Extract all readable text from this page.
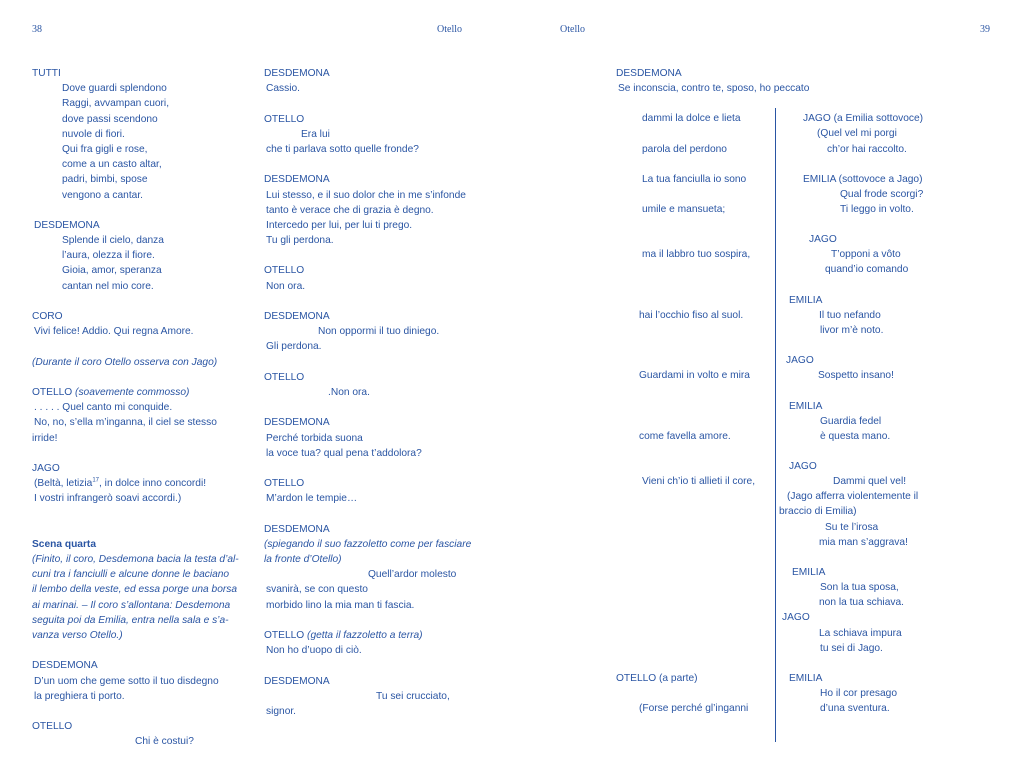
38	Otello	Otello	39
TUTTI
Dove guardi splendono
Raggi, avvampan cuori,
dove passi scendono
nuvole di fiori.
Qui fra gigli e rose,
come a un casto altar,
padri, bimbi, spose
vengono a cantar.
DESDEMONA
Splende il cielo, danza
l’aura, olezza il fiore.
Gioia, amor, speranza
cantan nel mio core.
CORO
Vivi felice! Addio. Qui regna Amore.
(Durante il coro Otello osserva con Jago)
OTELLO (soavemente commosso)
. . . . . Quel canto mi conquide.
No, no, s’ella m’inganna, il ciel se stesso
irride!
JAGO
(Beltà, letizia$^{17}$, in dolce inno concordi!
I vostri infrangerò soavi accordi.)
Scena quarta
(Finito, il coro, Desdemona bacia la testa d’al-
cuni tra i fanciulli e alcune donne le baciano
il lembo della veste, ed essa porge una borsa
ai marinai. – Il coro s’allontana: Desdemona
seguita poi da Emilia, entra nella sala e s’a-
vanza verso Otello.)
DESDEMONA
D’un uom che geme sotto il tuo disdegno
la preghiera ti porto.
OTELLO
Chi è costui?
DESDEMONA
Cassio.
OTELLO
Era lui
che ti parlava sotto quelle fronde?
DESDEMONA
Lui stesso, e il suo dolor che in me s’infonde
tanto è verace che di grazia è degno.
Intercedo per lui, per lui ti prego.
Tu gli perdona.
OTELLO
Non ora.
DESDEMONA
Non oppormi il tuo diniego.
Gli perdona.
OTELLO
.Non ora.
DESDEMONA
Perché torbida suona
la voce tua? qual pena t’addolora?
OTELLO
M’ardon le tempie…
DESDEMONA
(spiegando il suo fazzoletto come per fasciare
la fronte d’Otello)
Quell’ardor molesto
svanirà, se con questo
morbido lino la mia man ti fascia.
OTELLO (getta il fazzoletto a terra)
Non ho d’uopo di ciò.
DESDEMONA
Tu sei crucciato,
signor.
DESDEMONA
Se inconscia, contro te, sposo, ho peccato
dammi la dolce e lieta
parola del perdono
La tua fanciulla io sono
umile e mansueta;
ma il labbro tuo sospira,
hai l’occhio fiso al suol.
Guardami in volto e mira
come favella amore.
Vieni ch’io ti allieti il core,
OTELLO (a parte)
(Forse perché gl’inganni
JAGO (a Emilia sottovoce)
(Quel vel mi porgi
ch’or hai raccolto.
EMILIA (sottovoce a Jago)
Qual frode scorgi?
Ti leggo in volto.
JAGO
T’opponi a vôto
quand’io comando
EMILIA
Il tuo nefando
livor m’è noto.
JAGO
Sospetto insano!
EMILIA
Guardia fedel
è questa mano.
JAGO
Dammi quel vel!
(Jago afferra violentemente il
braccio di Emilia)
Su te l’irosa
mia man s’aggrava!
EMILIA
Son la tua sposa,
non la tua schiava.
JAGO
La schiava impura
tu sei di Jago.
EMILIA
Ho il cor presago
d’una sventura.
